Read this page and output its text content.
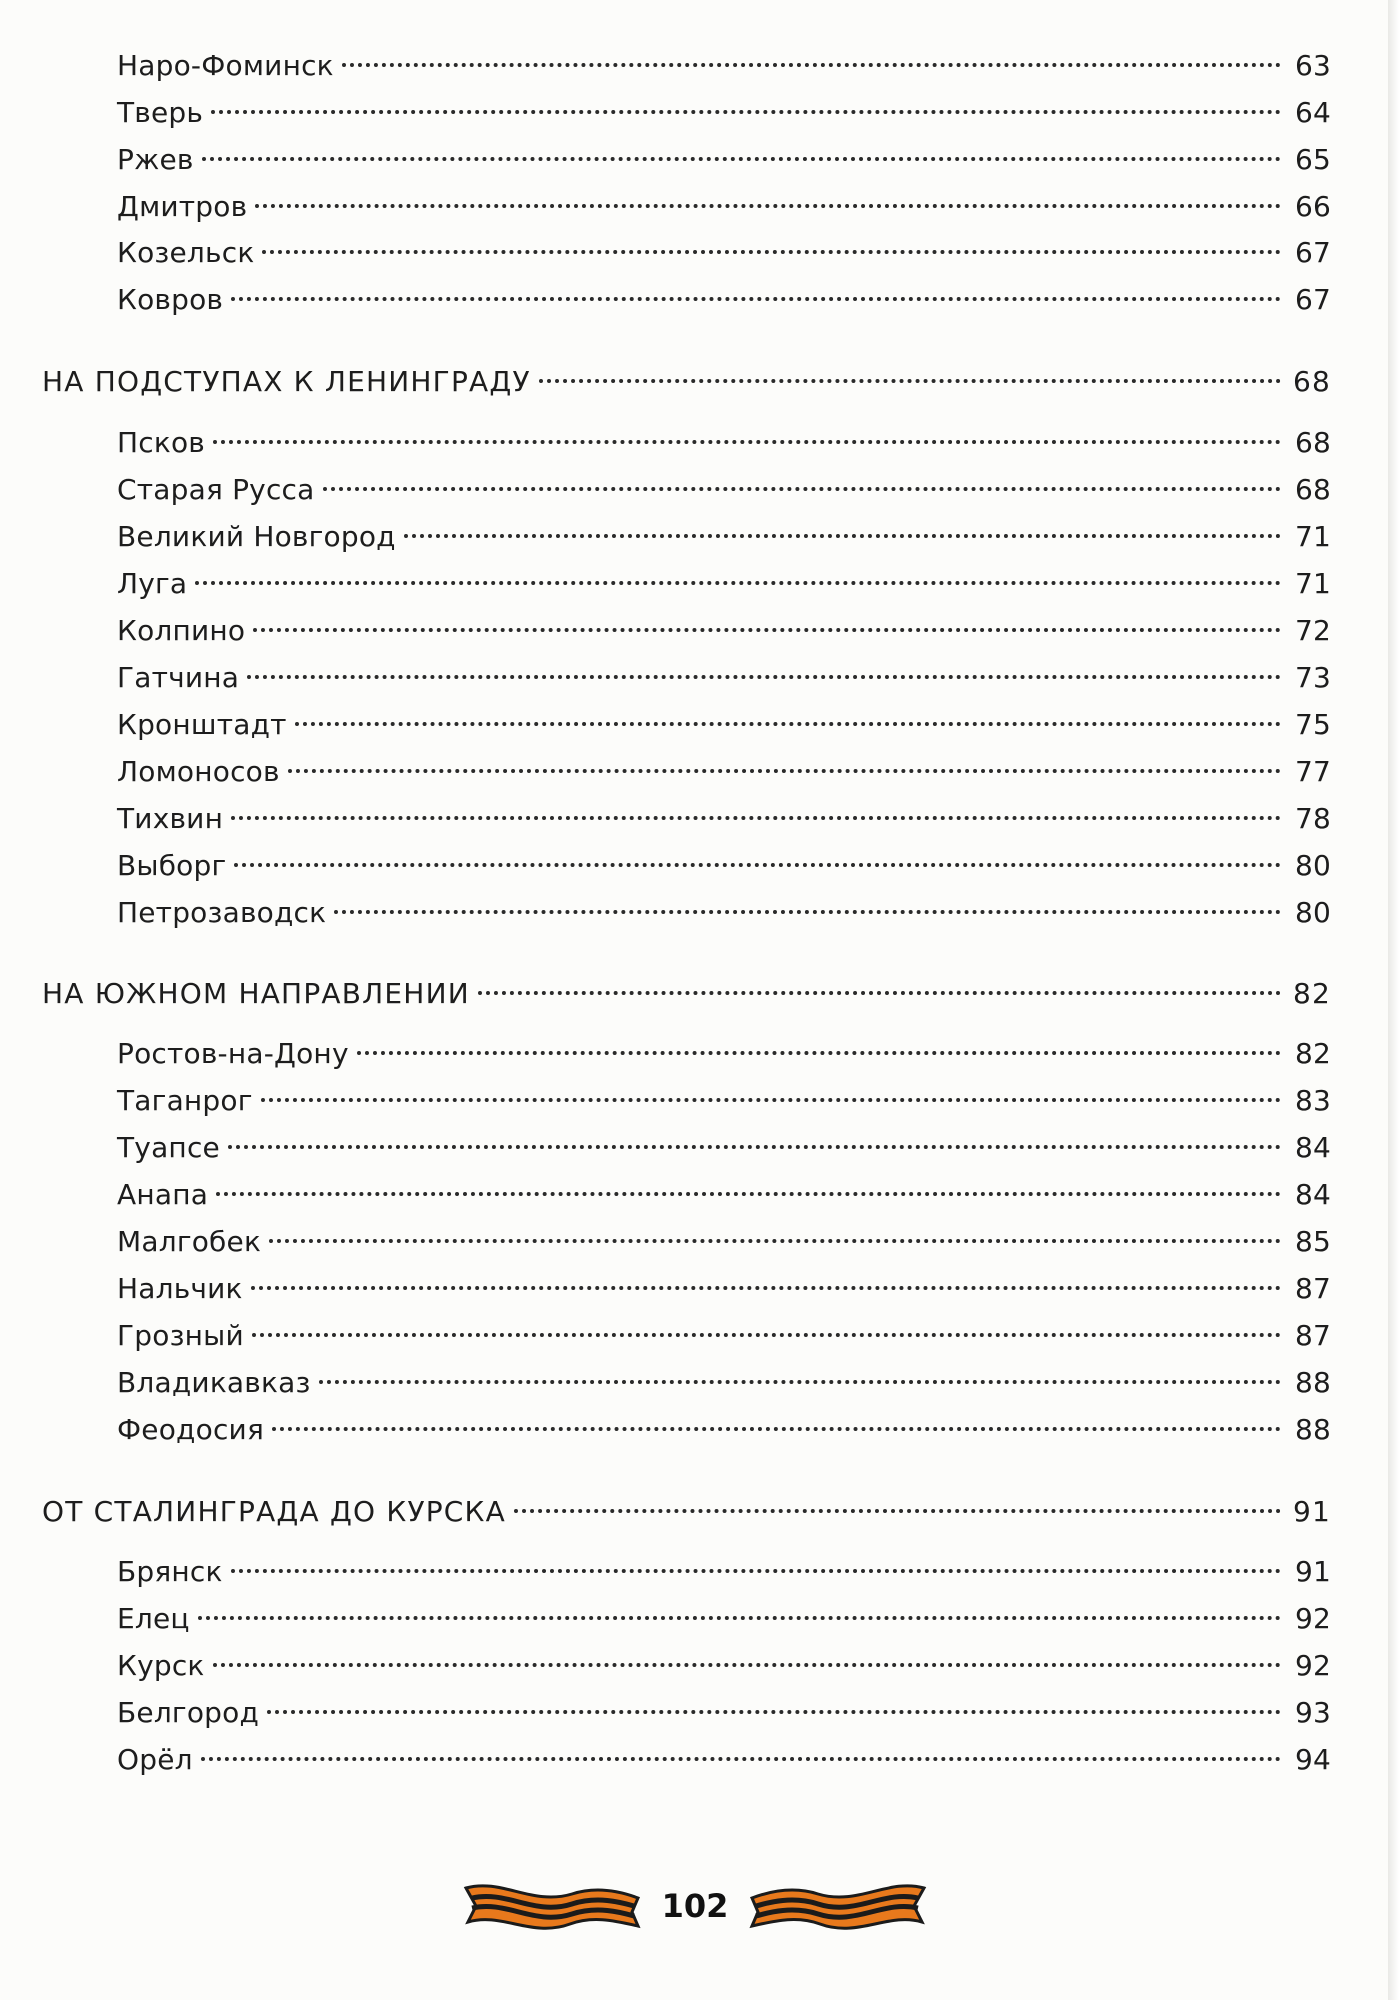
Наро-Фоминск	63
Тверь	64
Ржев	65
Дмитров	66
Козельск	67
Ковров	67
НА ПОДСТУПАХ К ЛЕНИНГРАДУ	68
Псков	68
Старая Русса	68
Великий Новгород	71
Луга	71
Колпино	72
Гатчина	73
Кронштадт	75
Ломоносов	77
Тихвин	78
Выборг	80
Петрозаводск	80
НА ЮЖНОМ НАПРАВЛЕНИИ	82
Ростов-на-Дону	82
Таганрог	83
Туапсе	84
Анапа	84
Малгобек	85
Нальчик	87
Грозный	87
Владикавказ	88
Феодосия	88
ОТ СТАЛИНГРАДА ДО КУРСКА	91
Брянск	91
Елец	92
Курск	92
Белгород	93
Орёл	94
102
